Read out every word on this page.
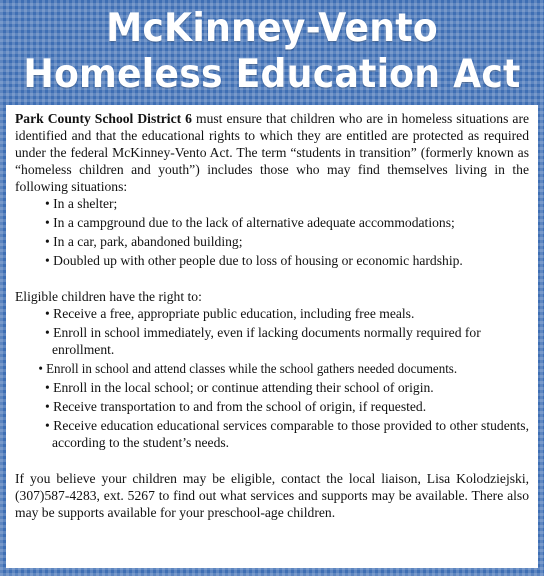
McKinney-Vento
Homeless Education Act

Park County School District 6 must ensure that children who are in homeless situations are identified and that the educational rights to which they are entitled are protected as required under the federal McKinney-Vento Act. The term “students in transition” (formerly known as “homeless children and youth”) includes those who may find themselves living in the following situations:

• In a shelter;
• In a campground due to the lack of alternative adequate accommodations;
• In a car, park, abandoned building;
• Doubled up with other people due to loss of housing or economic hardship.

Eligible children have the right to:

• Receive a free, appropriate public education, including free meals.
• Enroll in school immediately, even if lacking documents normally required for enrollment.
• Enroll in school and attend classes while the school gathers needed documents.
• Enroll in the local school; or continue attending their school of origin.
• Receive transportation to and from the school of origin, if requested.
• Receive education educational services comparable to those provided to other students, according to the student’s needs.

If you believe your children may be eligible, contact the local liaison, Lisa Kolodziejski, (307)587-4283, ext. 5267 to find out what services and supports may be available. There also may be supports available for your preschool-age children.
